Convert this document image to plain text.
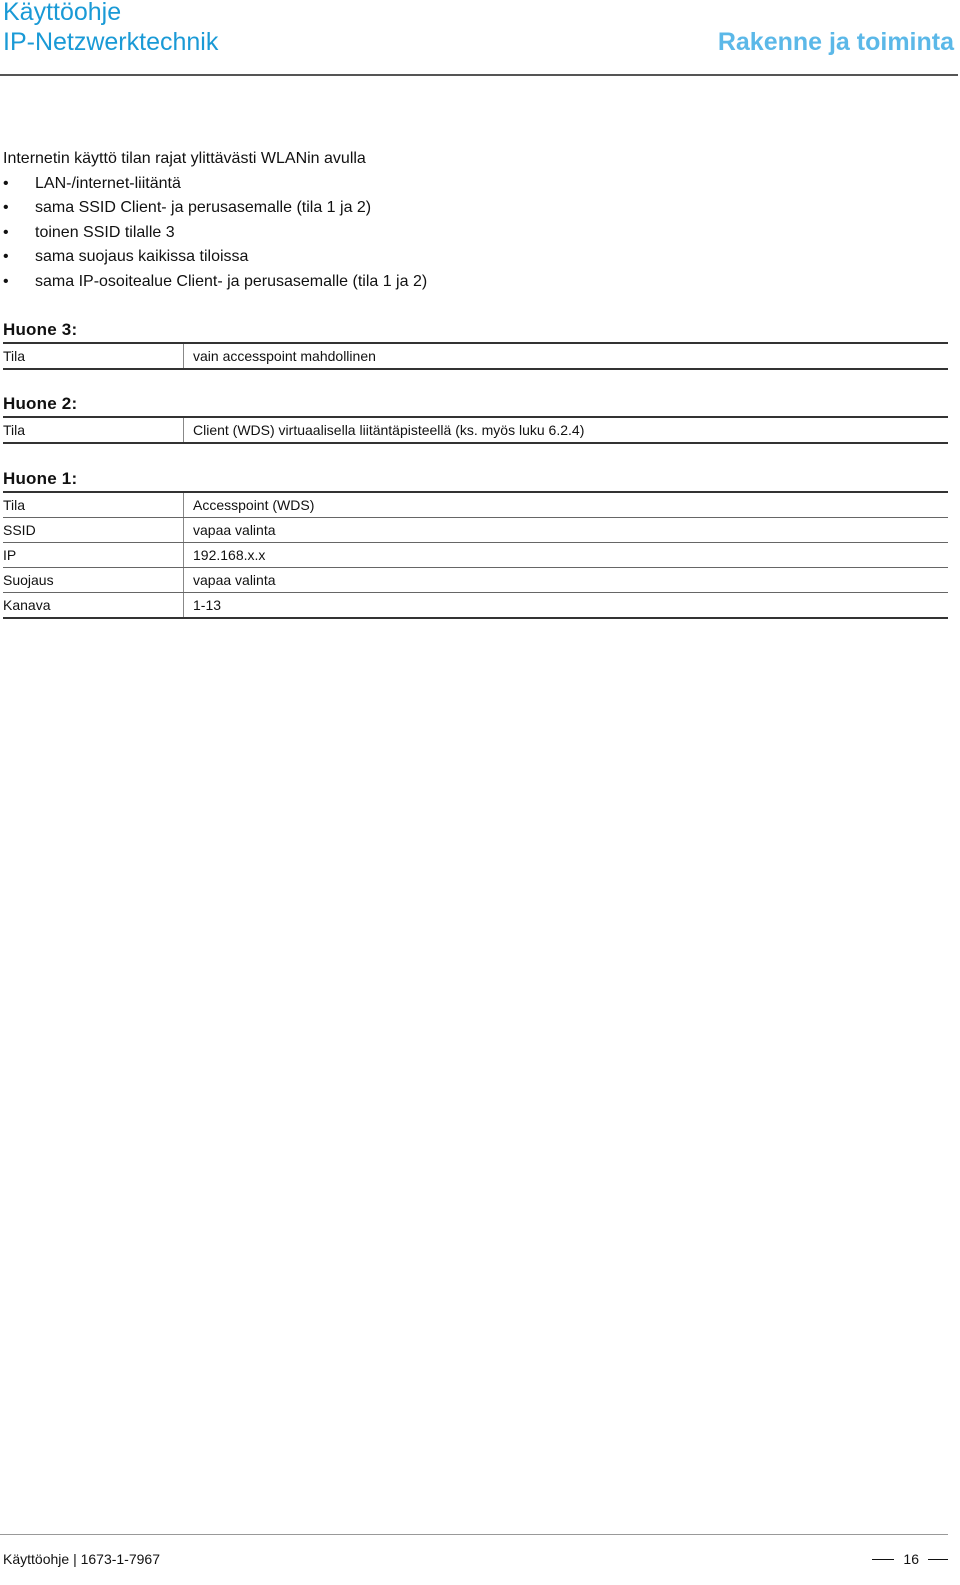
Käyttöohje
IP-Netzwerktechnik	Rakenne ja toiminta

Internetin käyttö tilan rajat ylittävästi WLANin avulla

• LAN-/internet-liitäntä
• sama SSID Client- ja perusasemalle (tila 1 ja 2)
• toinen SSID tilalle 3
• sama suojaus kaikissa tiloissa
• sama IP-osoitealue Client- ja perusasemalle (tila 1 ja 2)
Huone 3:
Tila	vain accesspoint mahdollinen
Huone 2:
Tila	Client (WDS) virtuaalisella liitäntäpisteellä (ks. myös luku 6.2.4)
Huone 1:
Tila	Accesspoint (WDS)
SSID	vapaa valinta
IP	192.168.x.x
Suojaus	vapaa valinta
Kanava	1-13
Käyttöohje | 1673-1-7967	16
